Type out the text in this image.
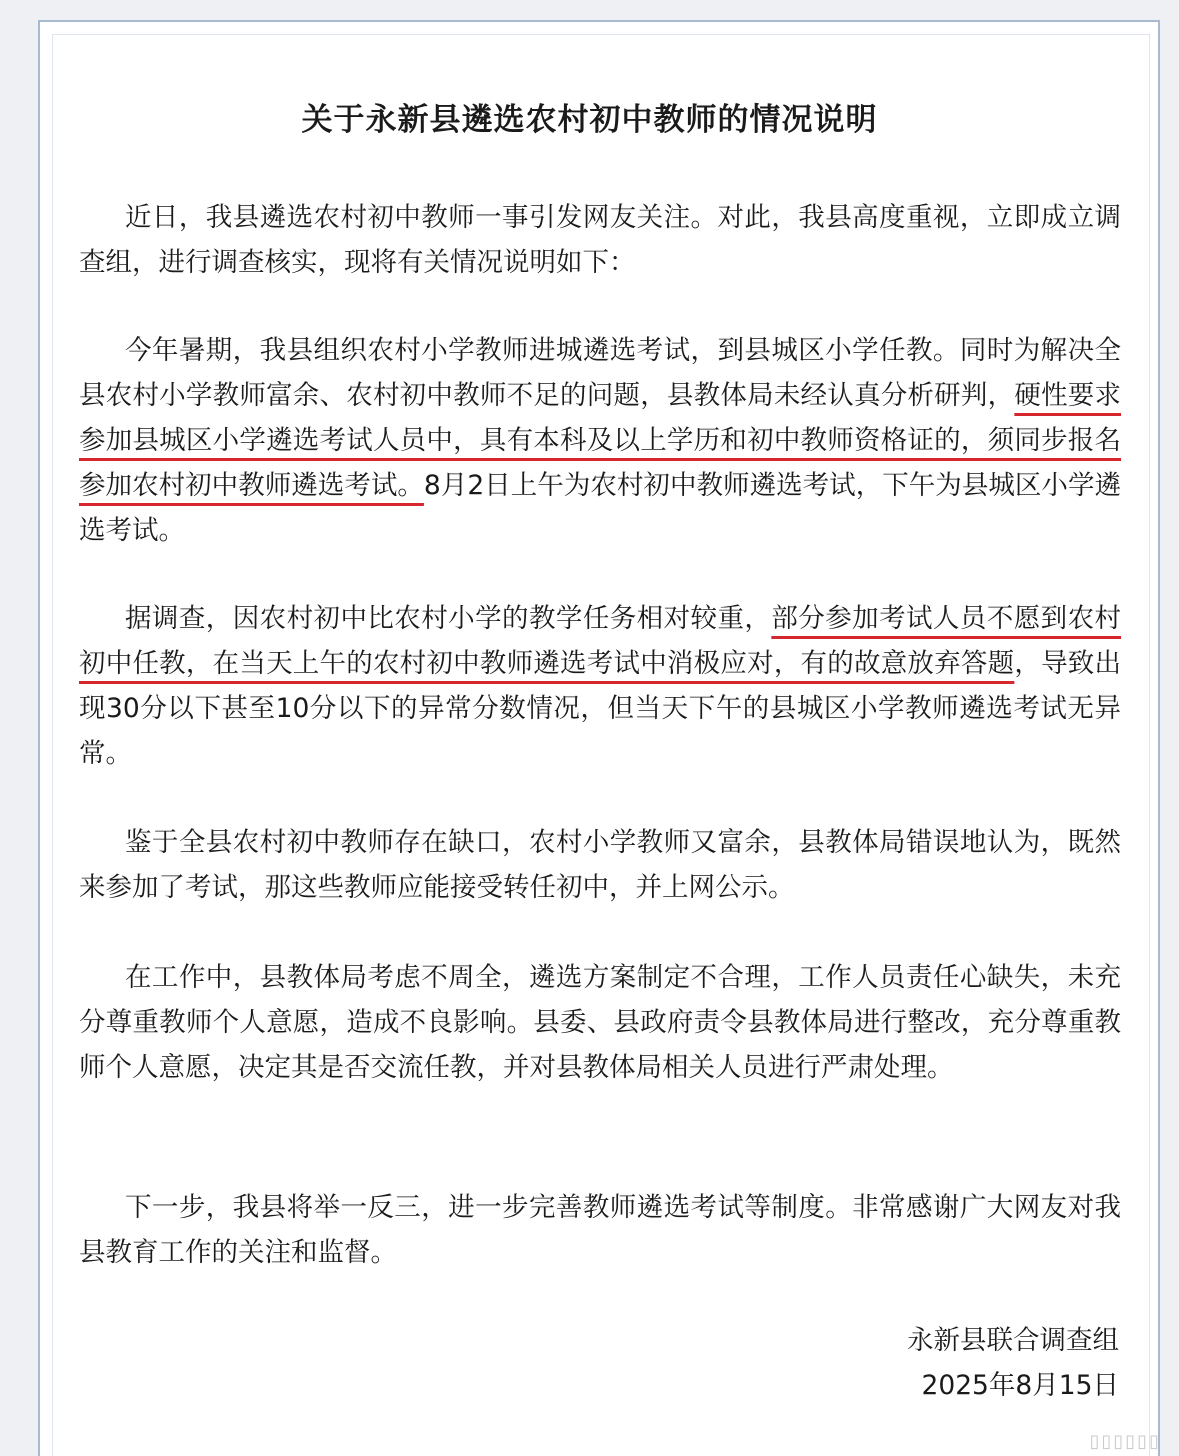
关于永新县遴选农村初中教师的情况说明

近日，我县遴选农村初中教师一事引发网友关注。对此，我县高度重视，立即成立调查组，进行调查核实，现将有关情况说明如下：

今年暑期，我县组织农村小学教师进城遴选考试，到县城区小学任教。同时为解决全县农村小学教师富余、农村初中教师不足的问题，县教体局未经认真分析研判，硬性要求参加县城区小学遴选考试人员中，具有本科及以上学历和初中教师资格证的，须同步报名参加农村初中教师遴选考试。8月2日上午为农村初中教师遴选考试，下午为县城区小学遴选考试。

据调查，因农村初中比农村小学的教学任务相对较重，部分参加考试人员不愿到农村初中任教，在当天上午的农村初中教师遴选考试中消极应对，有的故意放弃答题，导致出现30分以下甚至10分以下的异常分数情况，但当天下午的县城区小学教师遴选考试无异常。

鉴于全县农村初中教师存在缺口，农村小学教师又富余，县教体局错误地认为，既然来参加了考试，那这些教师应能接受转任初中，并上网公示。

在工作中，县教体局考虑不周全，遴选方案制定不合理，工作人员责任心缺失，未充分尊重教师个人意愿，造成不良影响。县委、县政府责令县教体局进行整改，充分尊重教师个人意愿，决定其是否交流任教，并对县教体局相关人员进行严肃处理。

下一步，我县将举一反三，进一步完善教师遴选考试等制度。非常感谢广大网友对我县教育工作的关注和监督。

永新县联合调查组

2025年8月15日

▯▯▯▯▯▯
